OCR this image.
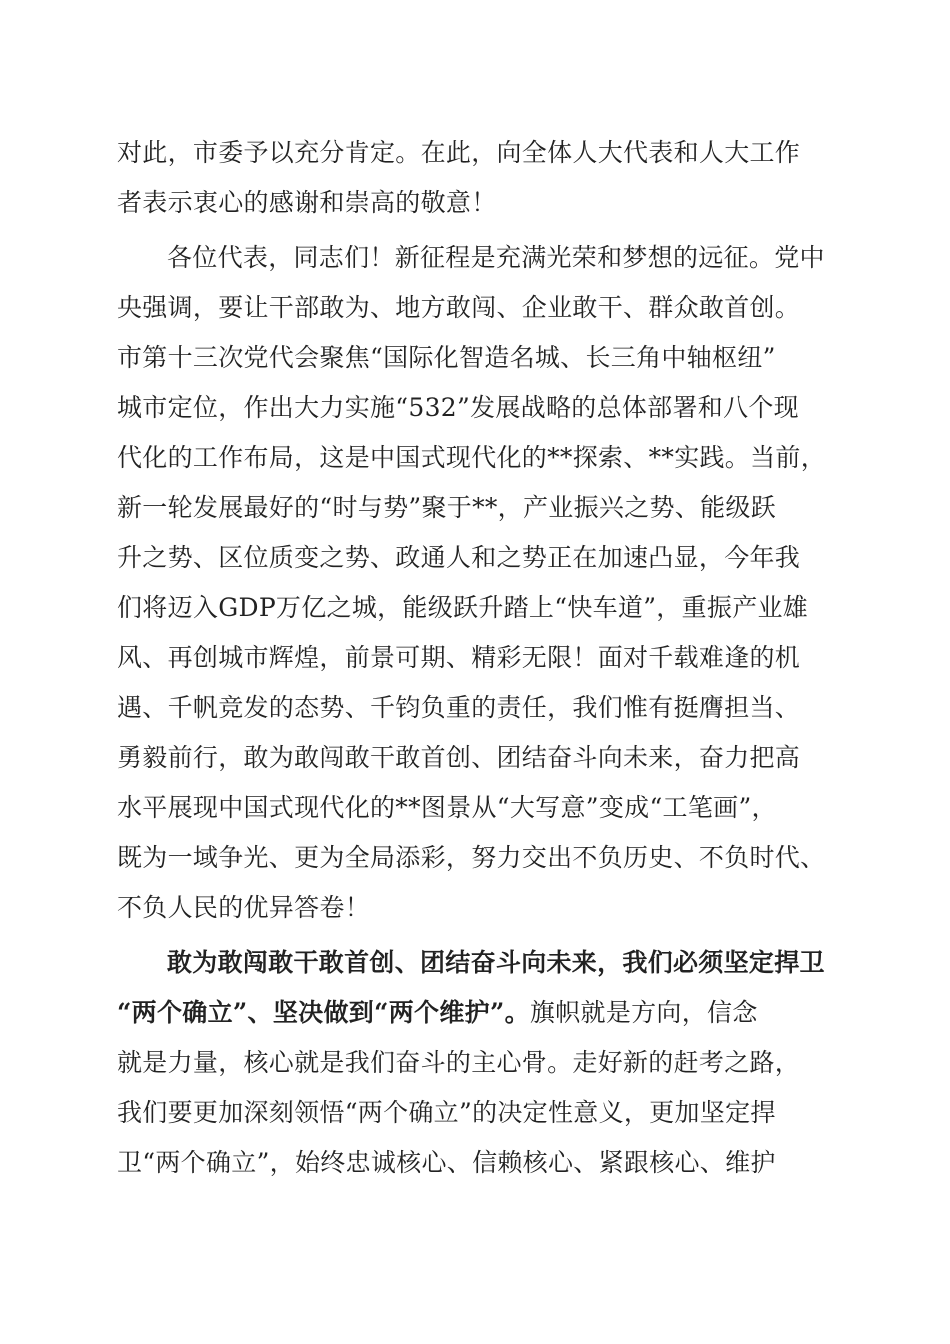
对此，市委予以充分肯定。在此，向全体人大代表和人大工作
者表示衷心的感谢和崇高的敬意！
各位代表，同志们！新征程是充满光荣和梦想的远征。党中
央强调，要让干部敢为、地方敢闯、企业敢干、群众敢首创。
市第十三次党代会聚焦“国际化智造名城、长三角中轴枢纽”
城市定位，作出大力实施“532”发展战略的总体部署和八个现
代化的工作布局，这是中国式现代化的**探索、**实践。当前，
新一轮发展最好的“时与势”聚于**，产业振兴之势、能级跃
升之势、区位质变之势、政通人和之势正在加速凸显，今年我
们将迈入GDP万亿之城，能级跃升踏上“快车道”，重振产业雄
风、再创城市辉煌，前景可期、精彩无限！面对千载难逢的机
遇、千帆竞发的态势、千钧负重的责任，我们惟有挺膺担当、
勇毅前行，敢为敢闯敢干敢首创、团结奋斗向未来，奋力把高
水平展现中国式现代化的**图景从“大写意”变成“工笔画”，
既为一域争光、更为全局添彩，努力交出不负历史、不负时代、
不负人民的优异答卷！
敢为敢闯敢干敢首创、团结奋斗向未来，我们必须坚定捍卫
“两个确立”、坚决做到“两个维护”。旗帜就是方向，信念
就是力量，核心就是我们奋斗的主心骨。走好新的赶考之路，
我们要更加深刻领悟“两个确立”的决定性意义，更加坚定捍
卫“两个确立”，始终忠诚核心、信赖核心、紧跟核心、维护
